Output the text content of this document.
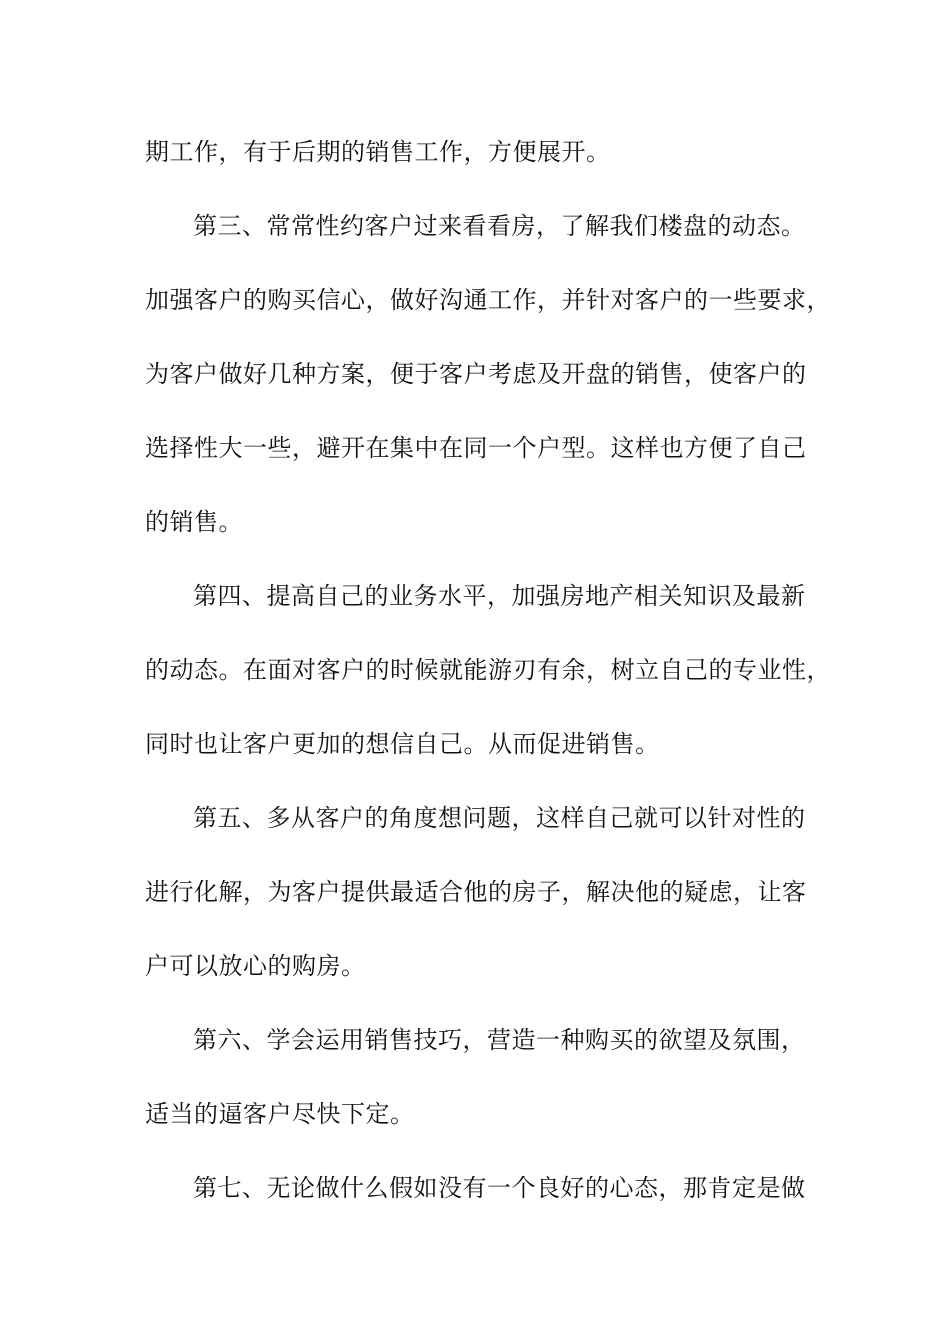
期工作，有于后期的销售工作，方便展开。
第三、常常性约客户过来看看房，了解我们楼盘的动态。
加强客户的购买信心，做好沟通工作，并针对客户的一些要求，
为客户做好几种方案，便于客户考虑及开盘的销售，使客户的
选择性大一些，避开在集中在同一个户型。这样也方便了自己
的销售。
第四、提高自己的业务水平，加强房地产相关知识及最新
的动态。在面对客户的时候就能游刃有余，树立自己的专业性，
同时也让客户更加的想信自己。从而促进销售。
第五、多从客户的角度想问题，这样自己就可以针对性的
进行化解，为客户提供最适合他的房子，解决他的疑虑，让客
户可以放心的购房。
第六、学会运用销售技巧，营造一种购买的欲望及氛围，
适当的逼客户尽快下定。
第七、无论做什么假如没有一个良好的心态，那肯定是做
